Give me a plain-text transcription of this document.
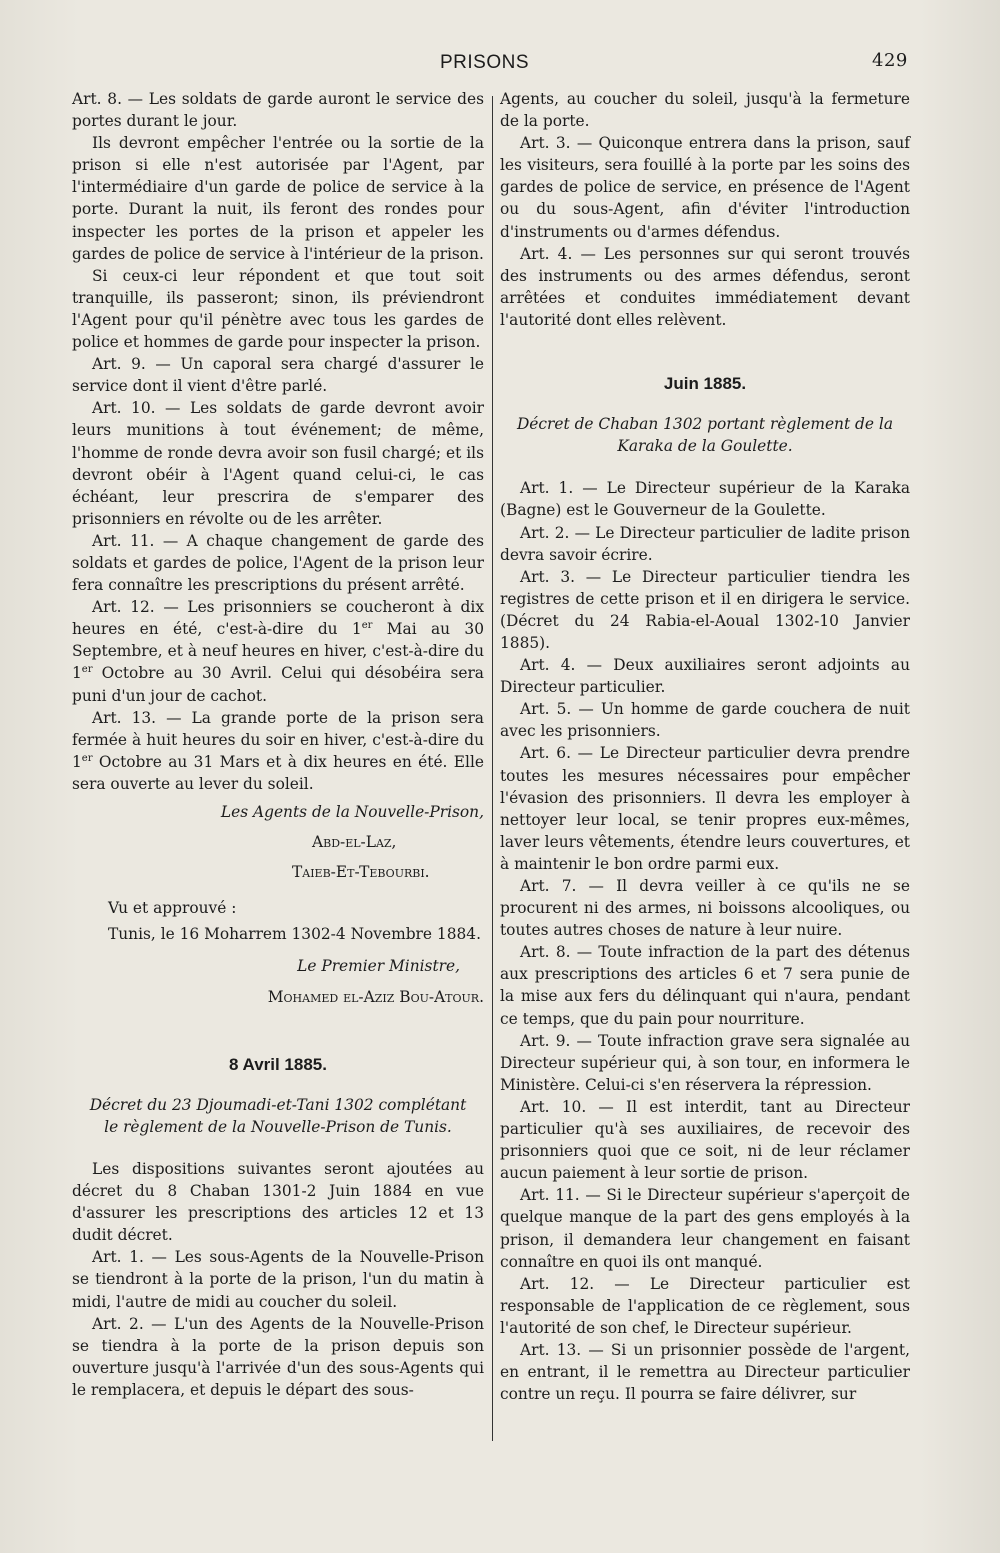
PRISONS	429

Art. 8. — Les soldats de garde auront le service des portes durant le jour.

Ils devront empêcher l'entrée ou la sortie de la prison si elle n'est autorisée par l'Agent, par l'intermédiaire d'un garde de police de service à la porte. Durant la nuit, ils feront des rondes pour inspecter les portes de la prison et appeler les gardes de police de service à l'intérieur de la prison.

Si ceux-ci leur répondent et que tout soit tranquille, ils passeront; sinon, ils préviendront l'Agent pour qu'il pénètre avec tous les gardes de police et hommes de garde pour inspecter la prison.

Art. 9. — Un caporal sera chargé d'assurer le service dont il vient d'être parlé.

Art. 10. — Les soldats de garde devront avoir leurs munitions à tout événement; de même, l'homme de ronde devra avoir son fusil chargé; et ils devront obéir à l'Agent quand celui-ci, le cas échéant, leur prescrira de s'emparer des prisonniers en révolte ou de les arrêter.

Art. 11. — A chaque changement de garde des soldats et gardes de police, l'Agent de la prison leur fera connaître les prescriptions du présent arrêté.

Art. 12. — Les prisonniers se coucheront à dix heures en été, c'est-à-dire du 1er Mai au 30 Septembre, et à neuf heures en hiver, c'est-à-dire du 1er Octobre au 30 Avril. Celui qui désobéira sera puni d'un jour de cachot.

Art. 13. — La grande porte de la prison sera fermée à huit heures du soir en hiver, c'est-à-dire du 1er Octobre au 31 Mars et à dix heures en été. Elle sera ouverte au lever du soleil.

Les Agents de la Nouvelle-Prison,

Abd-el-Laz,

Taieb-Et-Tebourbi.

Vu et approuvé :

Tunis, le 16 Moharrem 1302-4 Novembre 1884.

Le Premier Ministre,

Mohamed el-Aziz Bou-Atour.

8 Avril 1885.

Décret du 23 Djoumadi-et-Tani 1302 complétant le règlement de la Nouvelle-Prison de Tunis.

Les dispositions suivantes seront ajoutées au décret du 8 Chaban 1301-2 Juin 1884 en vue d'assurer les prescriptions des articles 12 et 13 dudit décret.

Art. 1. — Les sous-Agents de la Nouvelle-Prison se tiendront à la porte de la prison, l'un du matin à midi, l'autre de midi au coucher du soleil.

Art. 2. — L'un des Agents de la Nouvelle-Prison se tiendra à la porte de la prison depuis son ouverture jusqu'à l'arrivée d'un des sous-Agents qui le remplacera, et depuis le départ des sous-

Agents, au coucher du soleil, jusqu'à la fermeture de la porte.

Art. 3. — Quiconque entrera dans la prison, sauf les visiteurs, sera fouillé à la porte par les soins des gardes de police de service, en présence de l'Agent ou du sous-Agent, afin d'éviter l'introduction d'instruments ou d'armes défendus.

Art. 4. — Les personnes sur qui seront trouvés des instruments ou des armes défendus, seront arrêtées et conduites immédiatement devant l'autorité dont elles relèvent.

Juin 1885.

Décret de Chaban 1302 portant règlement de la Karaka de la Goulette.

Art. 1. — Le Directeur supérieur de la Karaka (Bagne) est le Gouverneur de la Goulette.

Art. 2. — Le Directeur particulier de ladite prison devra savoir écrire.

Art. 3. — Le Directeur particulier tiendra les registres de cette prison et il en dirigera le service. (Décret du 24 Rabia-el-Aoual 1302-10 Janvier 1885).

Art. 4. — Deux auxiliaires seront adjoints au Directeur particulier.

Art. 5. — Un homme de garde couchera de nuit avec les prisonniers.

Art. 6. — Le Directeur particulier devra prendre toutes les mesures nécessaires pour empêcher l'évasion des prisonniers. Il devra les employer à nettoyer leur local, se tenir propres eux-mêmes, laver leurs vêtements, étendre leurs couvertures, et à maintenir le bon ordre parmi eux.

Art. 7. — Il devra veiller à ce qu'ils ne se procurent ni des armes, ni boissons alcooliques, ou toutes autres choses de nature à leur nuire.

Art. 8. — Toute infraction de la part des détenus aux prescriptions des articles 6 et 7 sera punie de la mise aux fers du délinquant qui n'aura, pendant ce temps, que du pain pour nourriture.

Art. 9. — Toute infraction grave sera signalée au Directeur supérieur qui, à son tour, en informera le Ministère. Celui-ci s'en réservera la répression.

Art. 10. — Il est interdit, tant au Directeur particulier qu'à ses auxiliaires, de recevoir des prisonniers quoi que ce soit, ni de leur réclamer aucun paiement à leur sortie de prison.

Art. 11. — Si le Directeur supérieur s'aperçoit de quelque manque de la part des gens employés à la prison, il demandera leur changement en faisant connaître en quoi ils ont manqué.

Art. 12. — Le Directeur particulier est responsable de l'application de ce règlement, sous l'autorité de son chef, le Directeur supérieur.

Art. 13. — Si un prisonnier possède de l'argent, en entrant, il le remettra au Directeur particulier contre un reçu. Il pourra se faire délivrer, sur
